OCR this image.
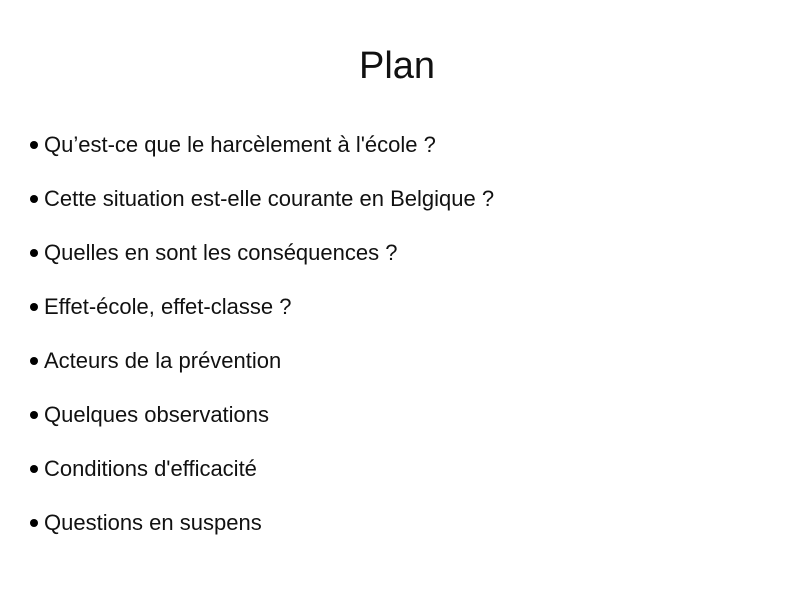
Plan
Qu’est-ce que le harcèlement à l'école ?
Cette situation est-elle courante en Belgique ?
Quelles en sont les conséquences ?
Effet-école, effet-classe ?
Acteurs de la prévention
Quelques observations
Conditions d'efficacité
Questions en suspens
